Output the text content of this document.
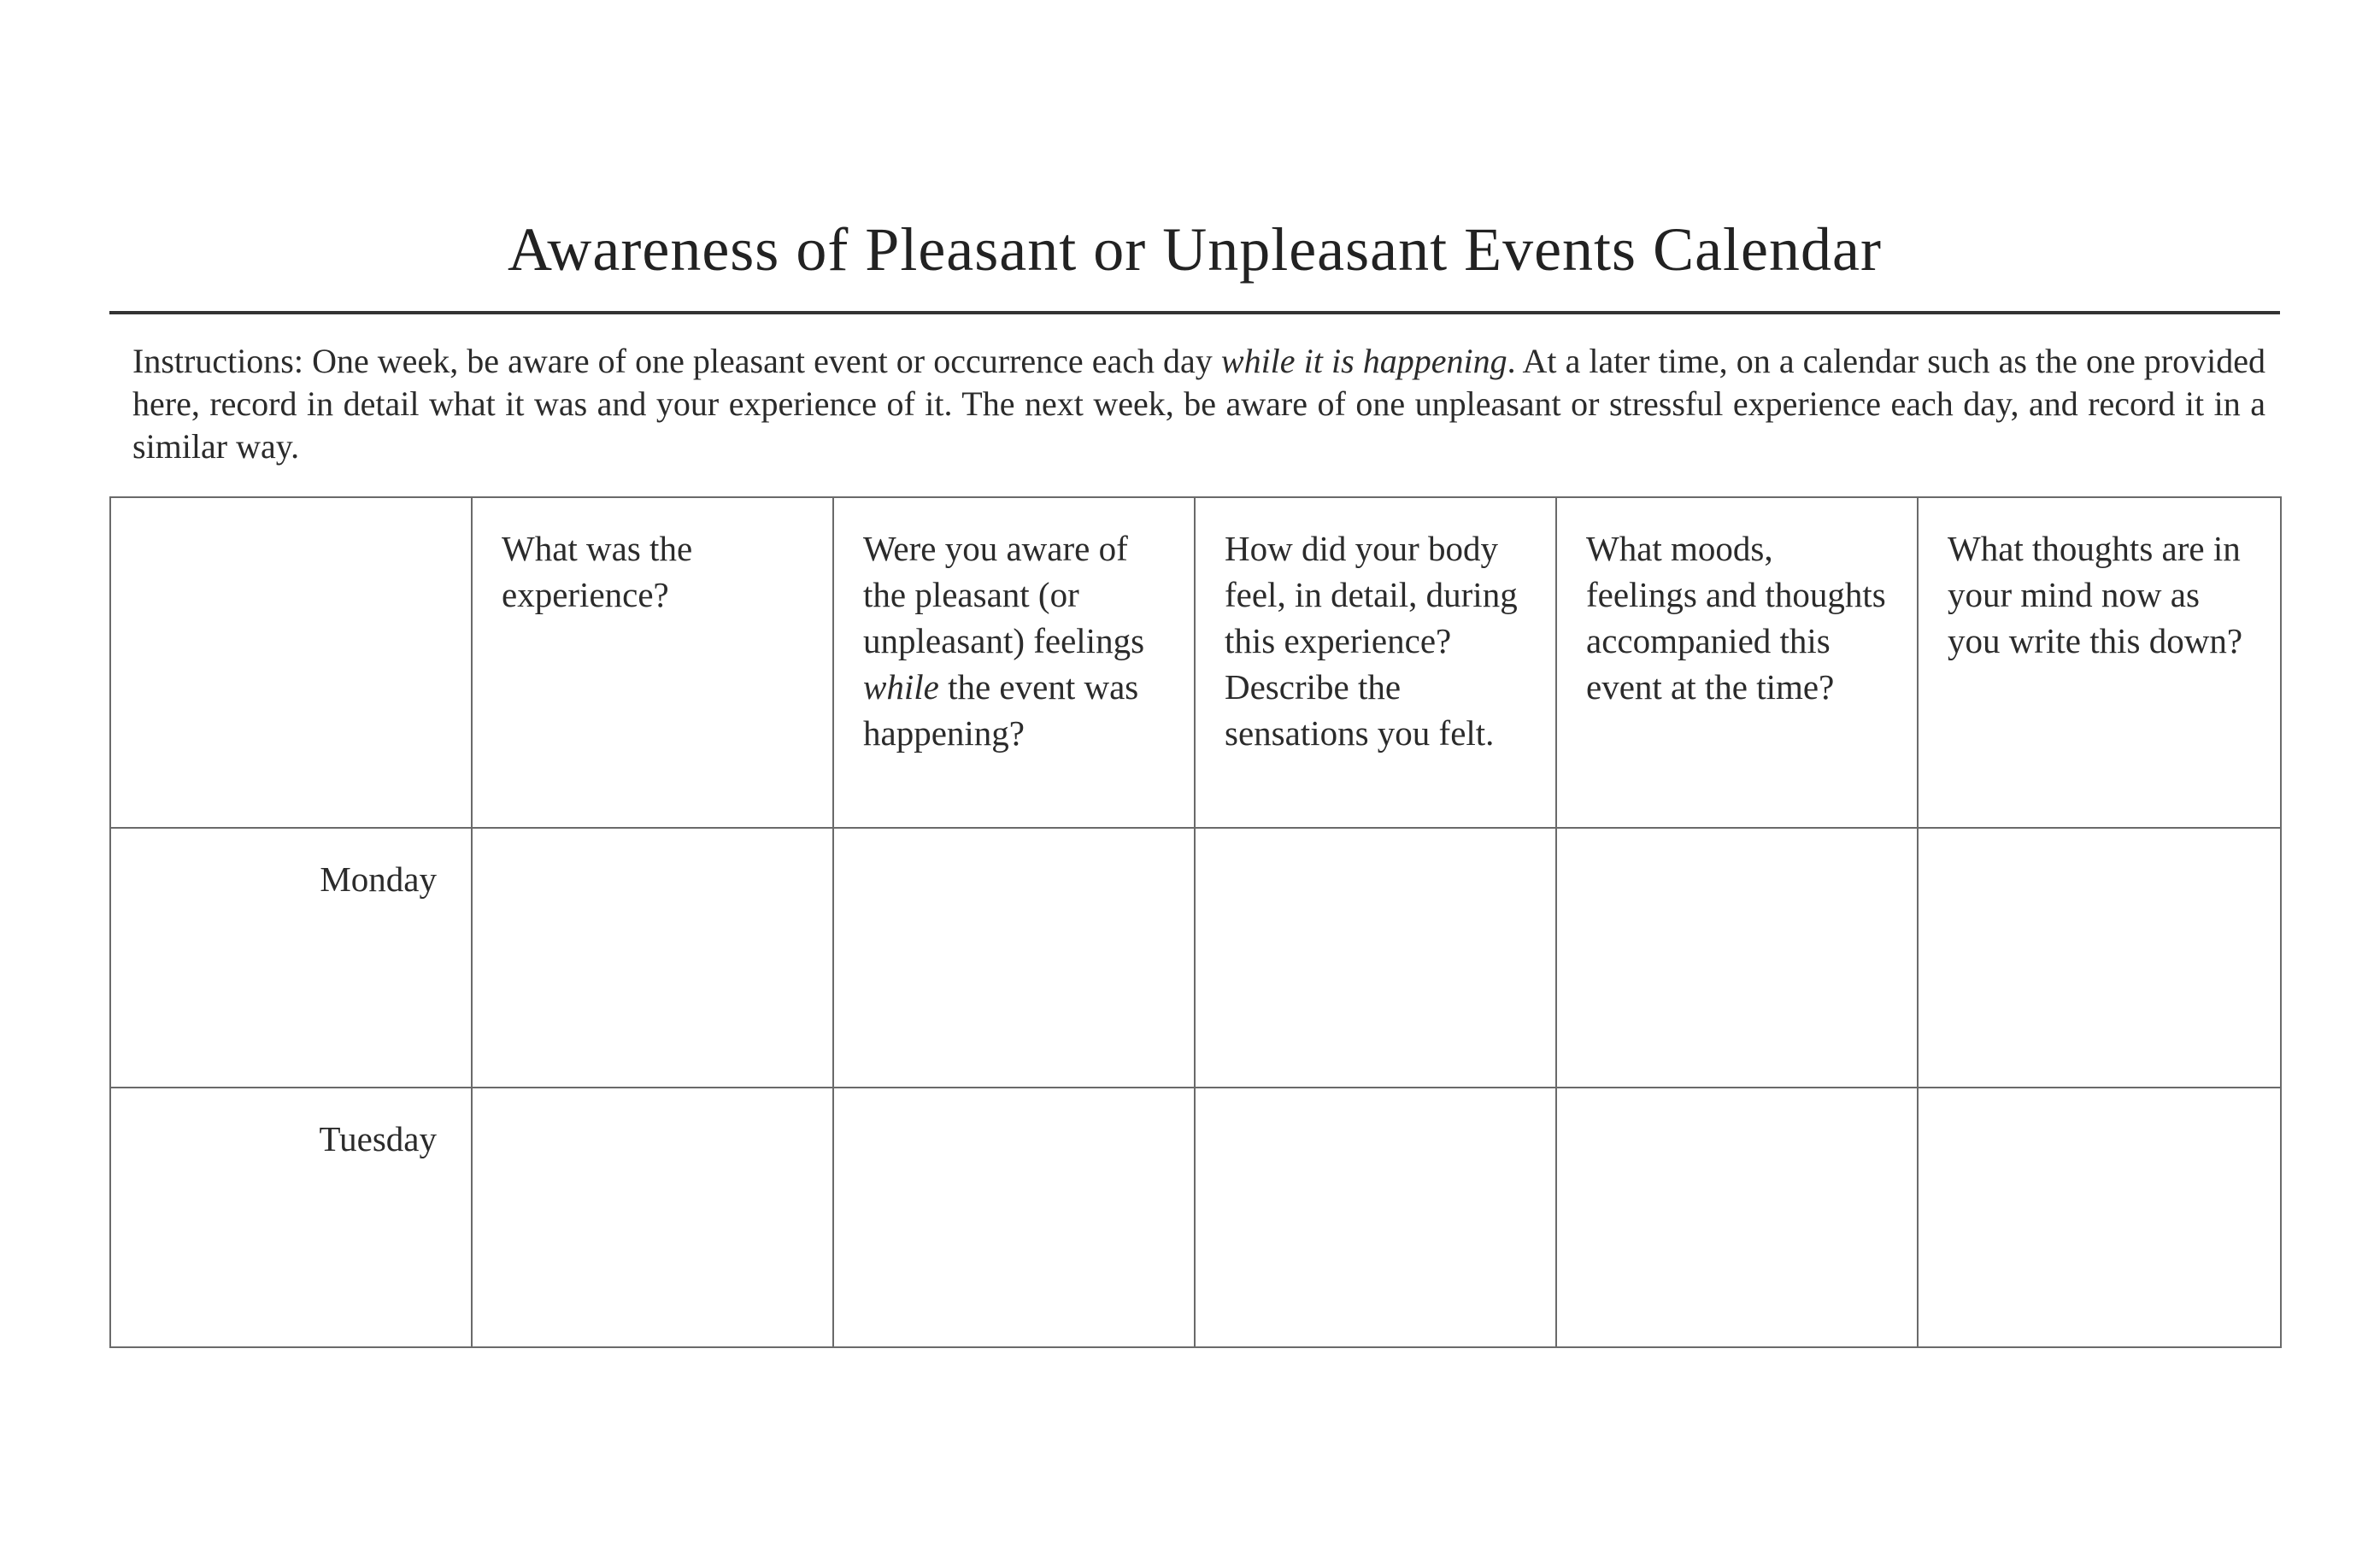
Awareness of Pleasant or Unpleasant Events Calendar

Instructions: One week, be aware of one pleasant event or occurrence each day while it is happening. At a later time, on a calendar such as the one provided here, record in detail what it was and your experience of it. The next week, be aware of one unpleasant or stressful experience each day, and record it in a similar way.

	What was the experience?	Were you aware of the pleasant (or unpleasant) feelings while the event was happening?	How did your body feel, in detail, during this experience? Describe the sensations you felt.	What moods, feelings and thoughts accompanied this event at the time?	What thoughts are in your mind now as you write this down?
Monday					
Tuesday					
